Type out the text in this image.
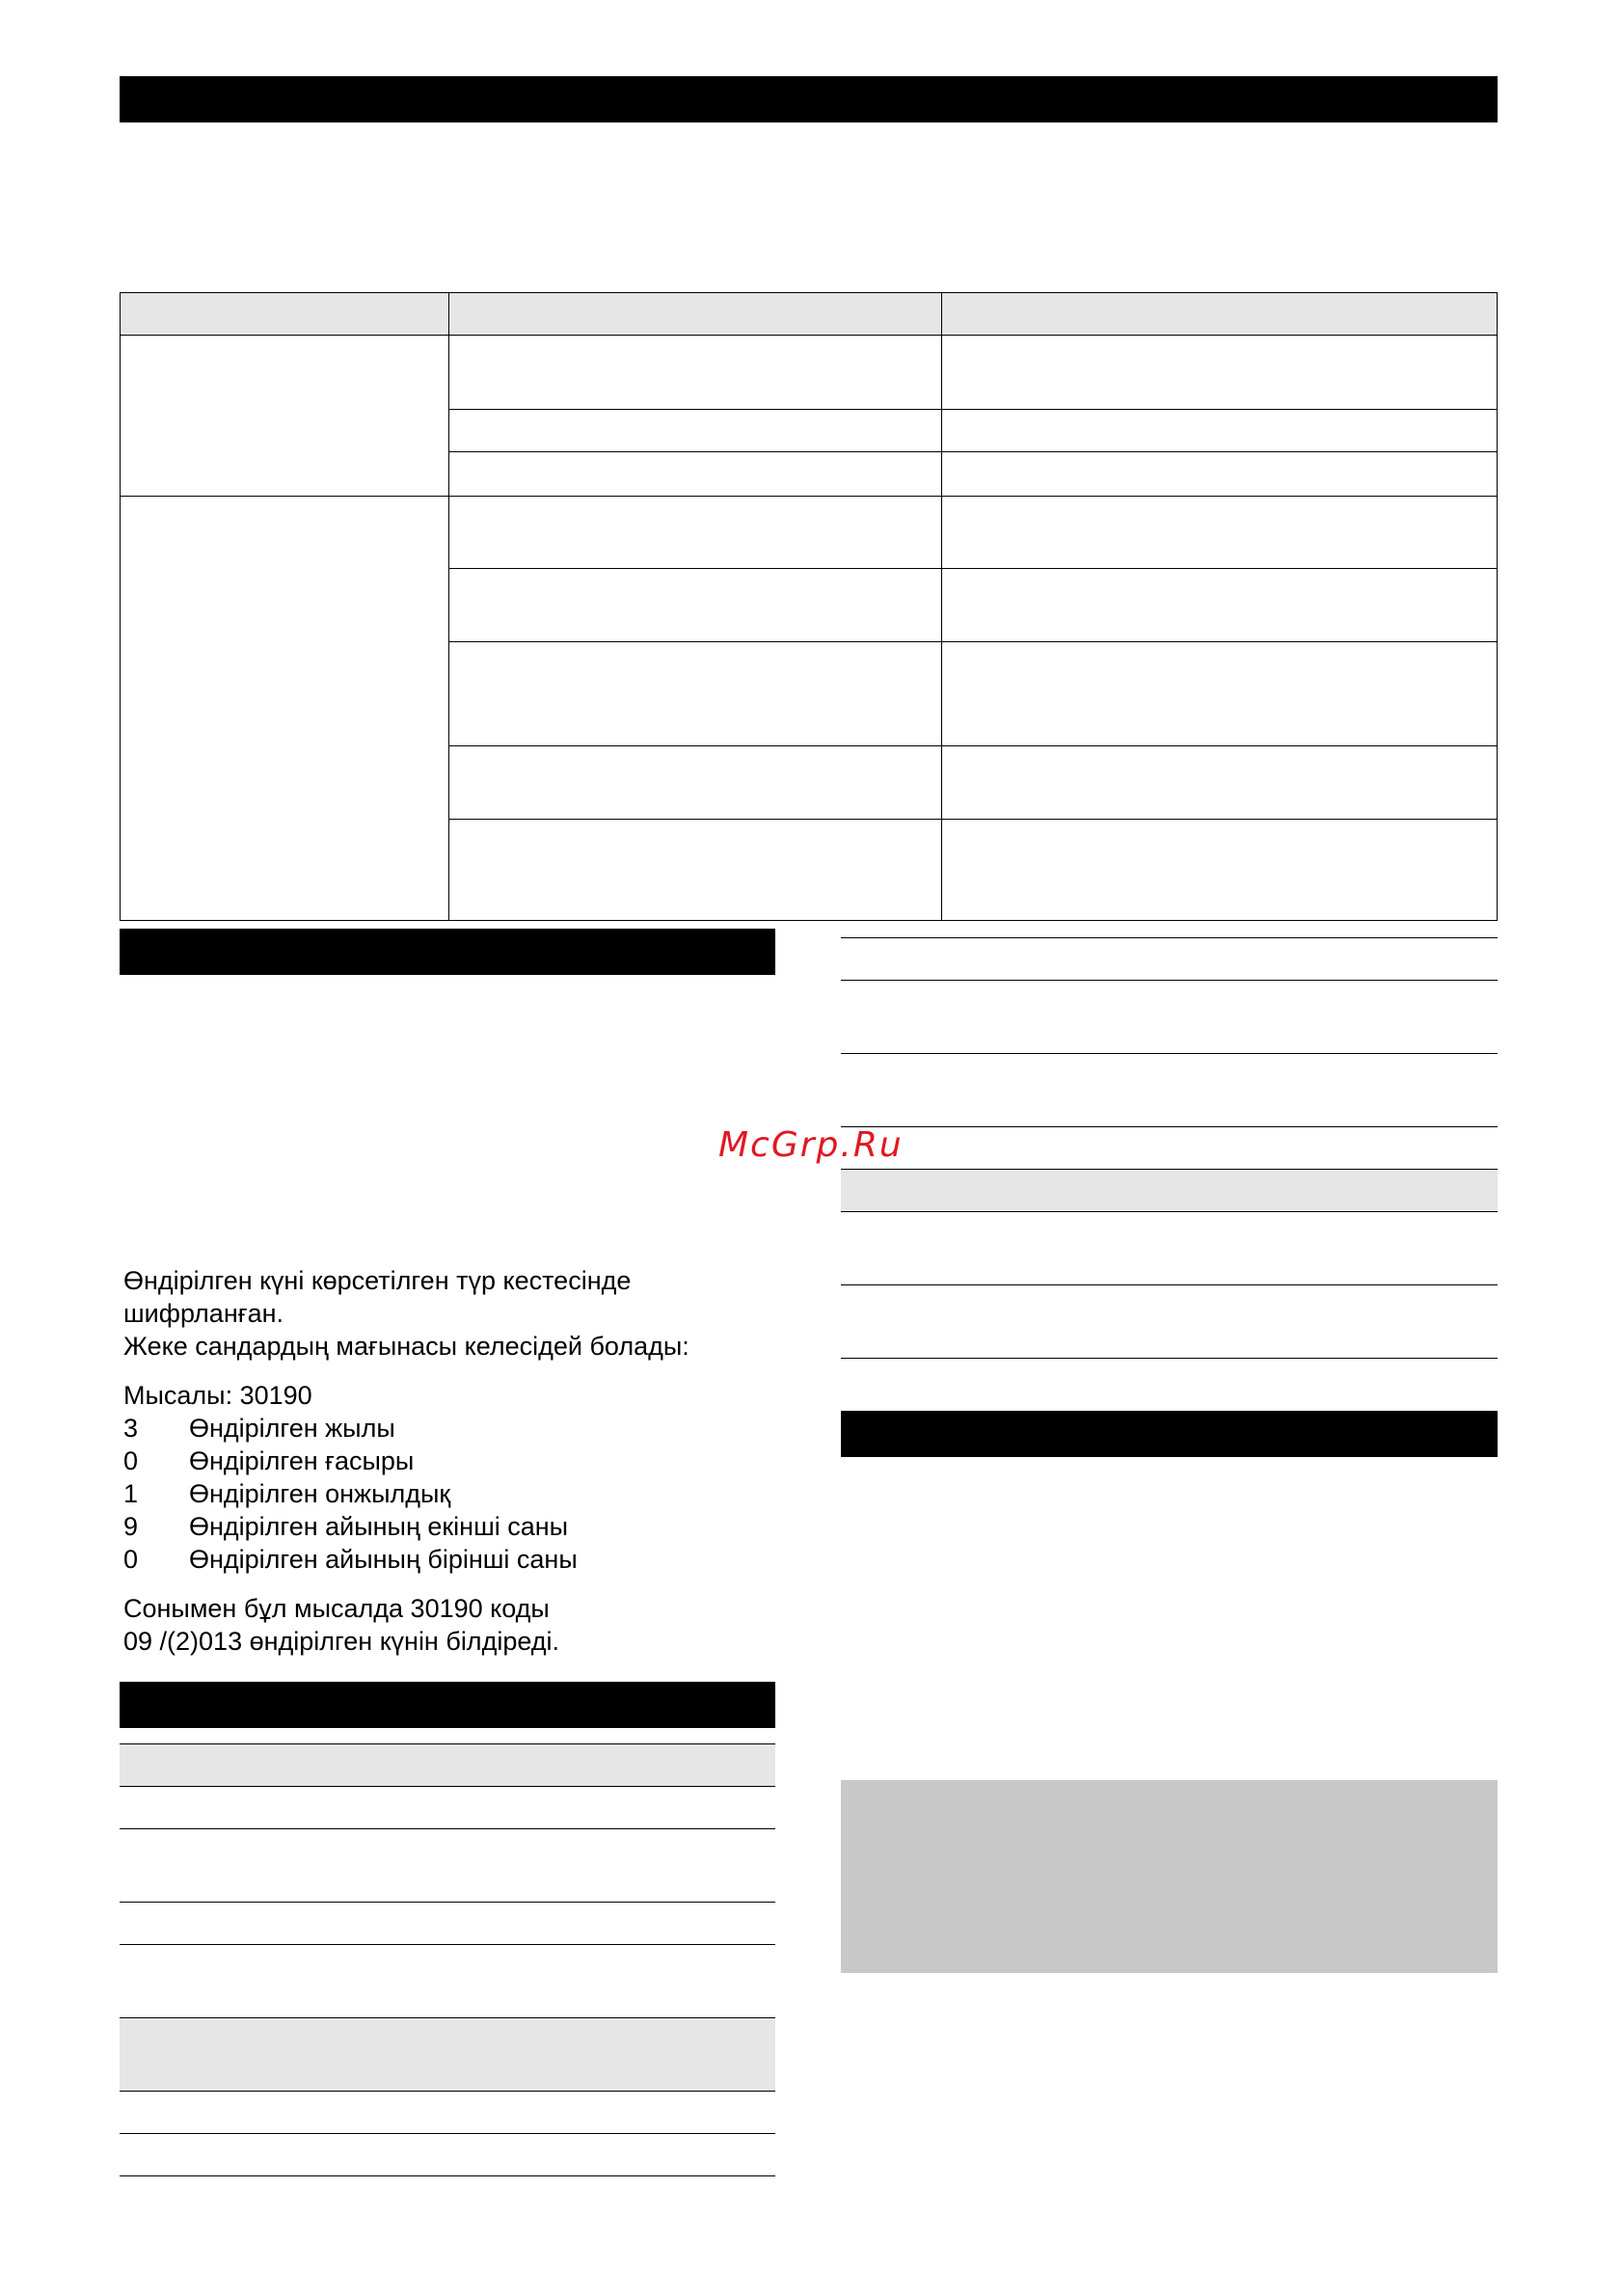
Өндірілген күні көрсетілген түр кестесінде
шифрланған.
Жеке сандардың мағынасы келесідей болады:
Мысалы: 30190
3 Өндірілген жылы
0 Өндірілген ғасыры
1 Өндірілген онжылдық
9 Өндірілген айының екінші саны
0 Өндірілген айының бірінші саны
Сонымен бұл мысалда 30190 коды
09 /(2)013 өндірілген күнін білдіреді.
McGrp.Ru
